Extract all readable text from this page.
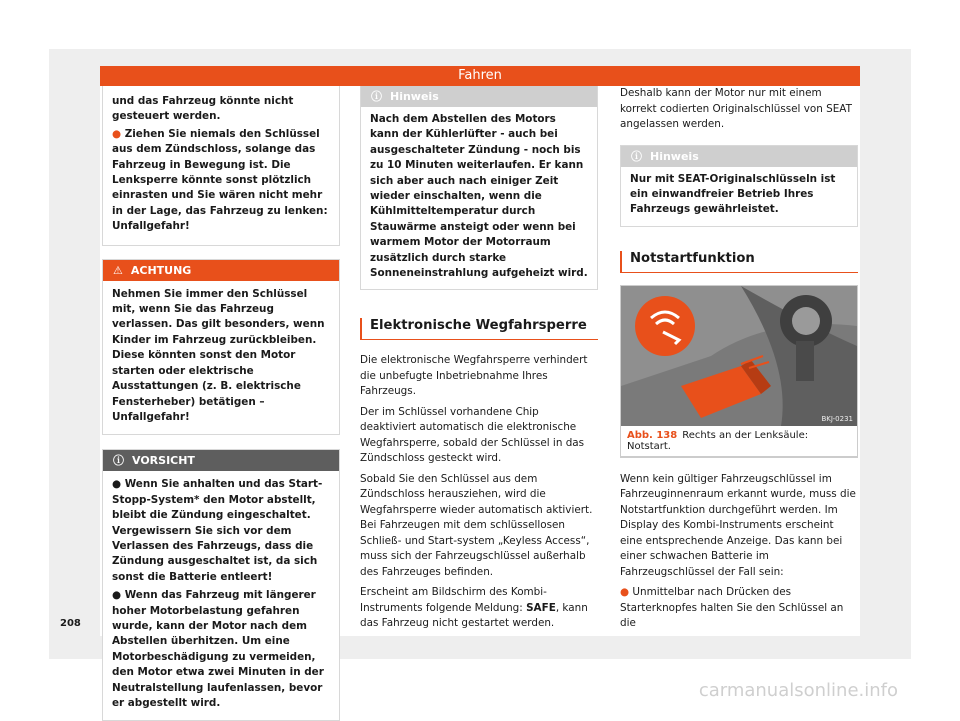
Fahren

und das Fahrzeug könnte nicht gesteuert werden.

● Ziehen Sie niemals den Schlüssel aus dem Zündschloss, solange das Fahrzeug in Bewegung ist. Die Lenksperre könnte sonst plötzlich einrasten und Sie wären nicht mehr in der Lage, das Fahrzeug zu lenken: Unfallgefahr!

⚠ ACHTUNG

Nehmen Sie immer den Schlüssel mit, wenn Sie das Fahrzeug verlassen. Das gilt besonders, wenn Kinder im Fahrzeug zurückbleiben. Diese könnten sonst den Motor starten oder elektrische Ausstattungen (z. B. elektrische Fensterheber) betätigen – Unfallgefahr!

ⓘ VORSICHT

● Wenn Sie anhalten und das Start-Stopp-System* den Motor abstellt, bleibt die Zündung eingeschaltet. Vergewissern Sie sich vor dem Verlassen des Fahrzeugs, dass die Zündung ausgeschaltet ist, da sich sonst die Batterie entleert!

● Wenn das Fahrzeug mit längerer hoher Motorbelastung gefahren wurde, kann der Motor nach dem Abstellen überhitzen. Um eine Motorbeschädigung zu vermeiden, den Motor etwa zwei Minuten in der Neutralstellung laufenlassen, bevor er abgestellt wird.

ⓘ Hinweis

Nach dem Abstellen des Motors kann der Kühlerlüfter - auch bei ausgeschalteter Zündung - noch bis zu 10 Minuten weiterlaufen. Er kann sich aber auch nach einiger Zeit wieder einschalten, wenn die Kühlmitteltemperatur durch Stauwärme ansteigt oder wenn bei warmem Motor der Motorraum zusätzlich durch starke Sonneneinstrahlung aufgeheizt wird.

Elektronische Wegfahrsperre

Die elektronische Wegfahrsperre verhindert die unbefugte Inbetriebnahme Ihres Fahrzeugs.

Der im Schlüssel vorhandene Chip deaktiviert automatisch die elektronische Wegfahrsperre, sobald der Schlüssel in das Zündschloss gesteckt wird.

Sobald Sie den Schlüssel aus dem Zündschloss herausziehen, wird die Wegfahrsperre wieder automatisch aktiviert. Bei Fahrzeugen mit dem schlüssellosen Schließ- und Start-system „Keyless Access“, muss sich der Fahrzeugschlüssel außerhalb des Fahrzeuges befinden.

Erscheint am Bildschirm des Kombi-Instruments folgende Meldung: SAFE, kann das Fahrzeug nicht gestartet werden.

Deshalb kann der Motor nur mit einem korrekt codierten Originalschlüssel von SEAT angelassen werden.

ⓘ Hinweis

Nur mit SEAT-Originalschlüsseln ist ein einwandfreier Betrieb Ihres Fahrzeugs gewährleistet.

Notstartfunktion
BKJ-0231
Abb. 138 Rechts an der Lenksäule: Notstart.

Wenn kein gültiger Fahrzeugschlüssel im Fahrzeuginnenraum erkannt wurde, muss die Notstartfunktion durchgeführt werden. Im Display des Kombi-Instruments erscheint eine entsprechende Anzeige. Das kann bei einer schwachen Batterie im Fahrzeugschlüssel der Fall sein:

● Unmittelbar nach Drücken des Starterknopfes halten Sie den Schlüssel an die

208
carmanualsonline.info
